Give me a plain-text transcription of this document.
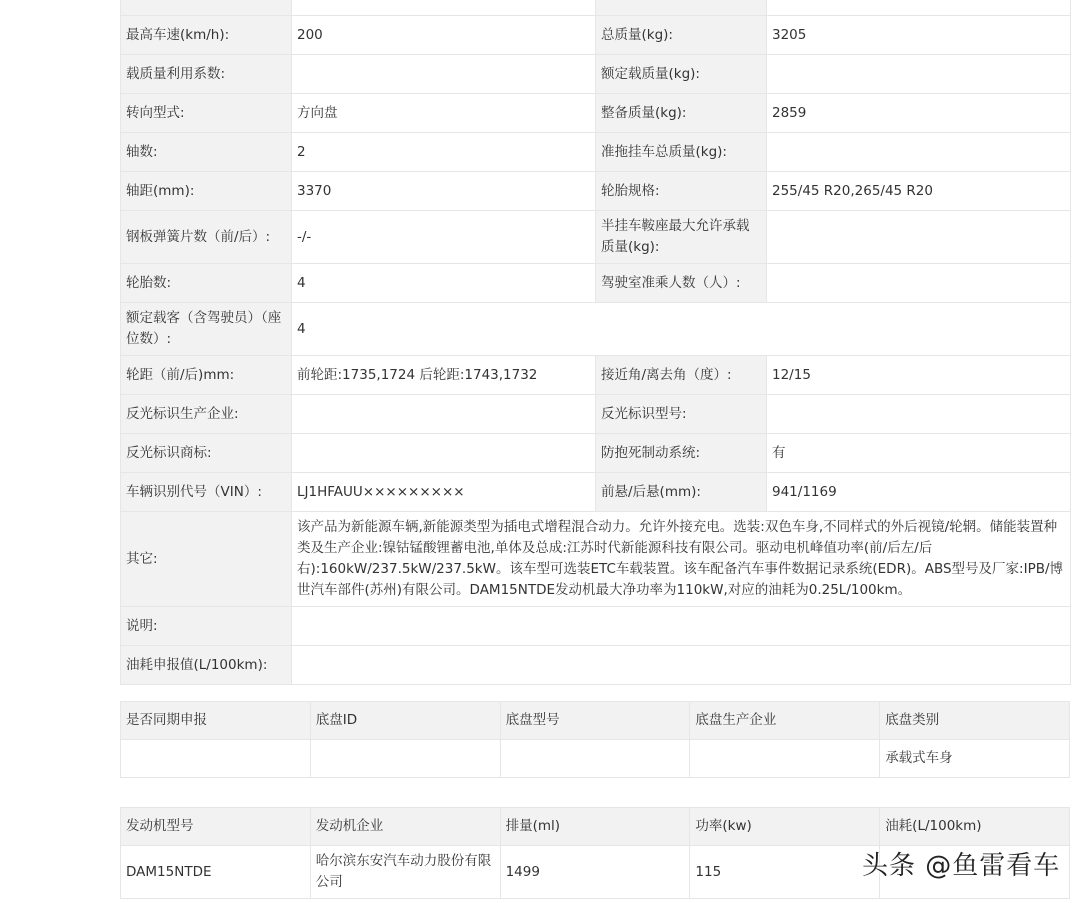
最高车速(km/h):	200	总质量(kg):	3205
载质量利用系数:		额定载质量(kg):	
转向型式:	方向盘	整备质量(kg):	2859
轴数:	2	准拖挂车总质量(kg):	
轴距(mm):	3370	轮胎规格:	255/45 R20,265/45 R20
钢板弹簧片数（前/后）:	-/-	半挂车鞍座最大允许承载质量(kg):	
轮胎数:	4	驾驶室准乘人数（人）:	
额定载客（含驾驶员）（座位数）:	4		
轮距（前/后)mm:	前轮距:1735,1724 后轮距:1743,1732	接近角/离去角（度）:	12/15
反光标识生产企业:		反光标识型号:	
反光标识商标:		防抱死制动系统:	有
车辆识别代号（VIN）:	LJ1HFAUU×××××××××	前悬/后悬(mm):	941/1169
其它:	该产品为新能源车辆,新能源类型为插电式增程混合动力。允许外接充电。选装:双色车身,不同样式的外后视镜/轮辋。储能装置种类及生产企业:镍钴锰酸锂蓄电池,单体及总成:江苏时代新能源科技有限公司。驱动电机峰值功率(前/后左/后右):160kW/237.5kW/237.5kW。该车型可选装ETC车载装置。该车配备汽车事件数据记录系统(EDR)。ABS型号及厂家:IPB/博世汽车部件(苏州)有限公司。DAM15NTDE发动机最大净功率为110kW,对应的油耗为0.25L/100km。		
说明:			
油耗申报值(L/100km):			
是否同期申报	底盘ID	底盘型号	底盘生产企业	底盘类别
				承载式车身
发动机型号	发动机企业	排量(ml)	功率(kw)	油耗(L/100km)
DAM15NTDE	哈尔滨东安汽车动力股份有限公司	1499	115		头条 @鱼雷看车
